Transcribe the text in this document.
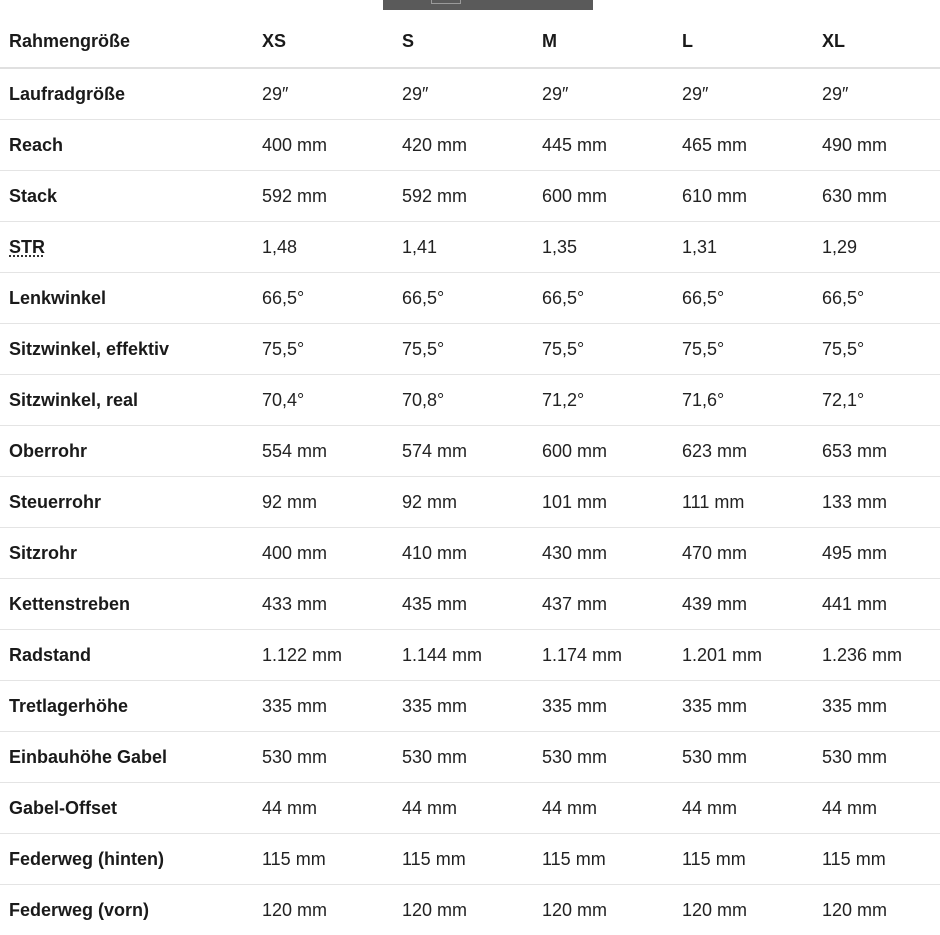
Rahmengröße	XS	S	M	L	XL
Laufradgröße	29″	29″	29″	29″	29″
Reach	400 mm	420 mm	445 mm	465 mm	490 mm
Stack	592 mm	592 mm	600 mm	610 mm	630 mm
STR	1,48	1,41	1,35	1,31	1,29
Lenkwinkel	66,5°	66,5°	66,5°	66,5°	66,5°
Sitzwinkel, effektiv	75,5°	75,5°	75,5°	75,5°	75,5°
Sitzwinkel, real	70,4°	70,8°	71,2°	71,6°	72,1°
Oberrohr	554 mm	574 mm	600 mm	623 mm	653 mm
Steuerrohr	92 mm	92 mm	101 mm	111 mm	133 mm
Sitzrohr	400 mm	410 mm	430 mm	470 mm	495 mm
Kettenstreben	433 mm	435 mm	437 mm	439 mm	441 mm
Radstand	1.122 mm	1.144 mm	1.174 mm	1.201 mm	1.236 mm
Tretlagerhöhe	335 mm	335 mm	335 mm	335 mm	335 mm
Einbauhöhe Gabel	530 mm	530 mm	530 mm	530 mm	530 mm
Gabel-Offset	44 mm	44 mm	44 mm	44 mm	44 mm
Federweg (hinten)	115 mm	115 mm	115 mm	115 mm	115 mm
Federweg (vorn)	120 mm	120 mm	120 mm	120 mm	120 mm
